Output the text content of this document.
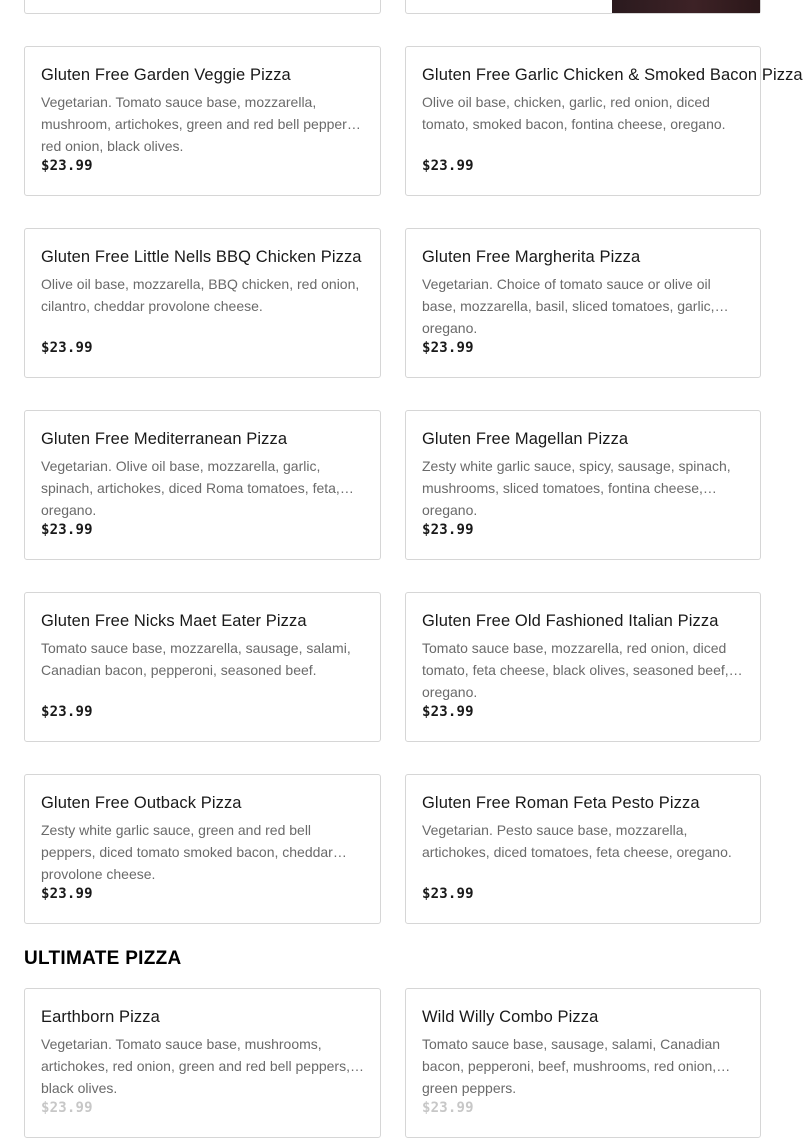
Gluten Free Garden Veggie Pizza

Vegetarian. Tomato sauce base, mozzarella, mushroom, artichokes, green and red bell peppers, red onion, black olives.

$23.99
Gluten Free Garlic Chicken & Smoked Bacon Pizza

Olive oil base, chicken, garlic, red onion, diced tomato, smoked bacon, fontina cheese, oregano.

$23.99
Gluten Free Little Nells BBQ Chicken Pizza

Olive oil base, mozzarella, BBQ chicken, red onion, cilantro, cheddar provolone cheese.

$23.99
Gluten Free Margherita Pizza

Vegetarian. Choice of tomato sauce or olive oil base, mozzarella, basil, sliced tomatoes, garlic, oregano.

$23.99
Gluten Free Mediterranean Pizza

Vegetarian. Olive oil base, mozzarella, garlic, spinach, artichokes, diced Roma tomatoes, feta, oregano.

$23.99
Gluten Free Magellan Pizza

Zesty white garlic sauce, spicy, sausage, spinach, mushrooms, sliced tomatoes, fontina cheese, oregano.

$23.99
Gluten Free Nicks Maet Eater Pizza

Tomato sauce base, mozzarella, sausage, salami, Canadian bacon, pepperoni, seasoned beef.

$23.99
Gluten Free Old Fashioned Italian Pizza

Tomato sauce base, mozzarella, red onion, diced tomato, feta cheese, black olives, seasoned beef, oregano.

$23.99
Gluten Free Outback Pizza

Zesty white garlic sauce, green and red bell peppers, diced tomato smoked bacon, cheddar provolone cheese.

$23.99
Gluten Free Roman Feta Pesto Pizza

Vegetarian. Pesto sauce base, mozzarella, artichokes, diced tomatoes, feta cheese, oregano.

$23.99
ULTIMATE PIZZA
Earthborn Pizza

Vegetarian. Tomato sauce base, mushrooms, artichokes, red onion, green and red bell peppers, black olives.

$23.99
Wild Willy Combo Pizza

Tomato sauce base, sausage, salami, Canadian bacon, pepperoni, beef, mushrooms, red onion, green peppers.

$23.99
